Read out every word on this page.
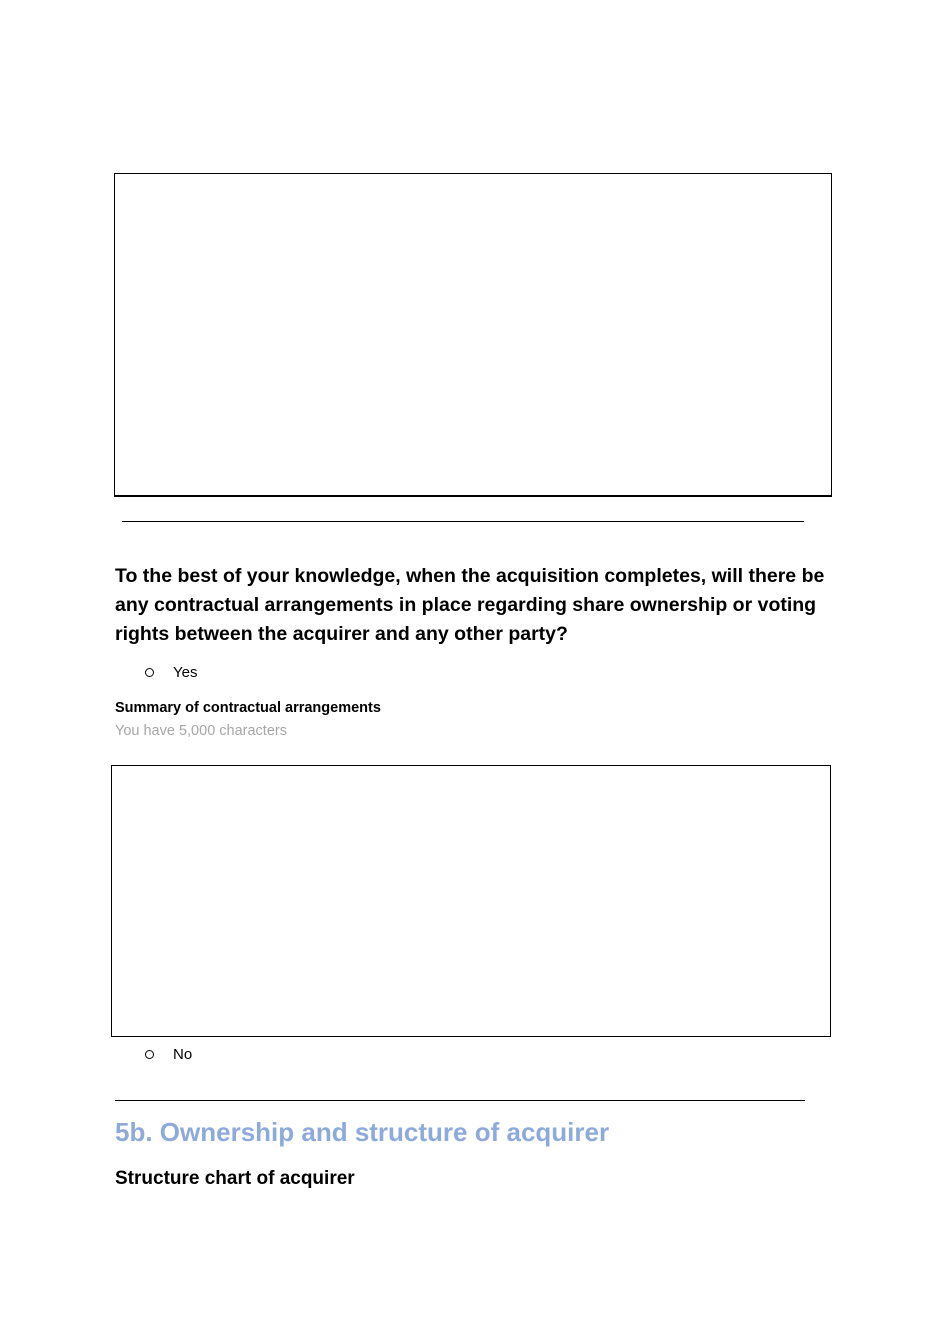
To the best of your knowledge, when the acquisition completes, will there be any contractual arrangements in place regarding share ownership or voting rights between the acquirer and any other party?
Yes
Summary of contractual arrangements
You have 5,000 characters
No
5b. Ownership and structure of acquirer
Structure chart of acquirer
